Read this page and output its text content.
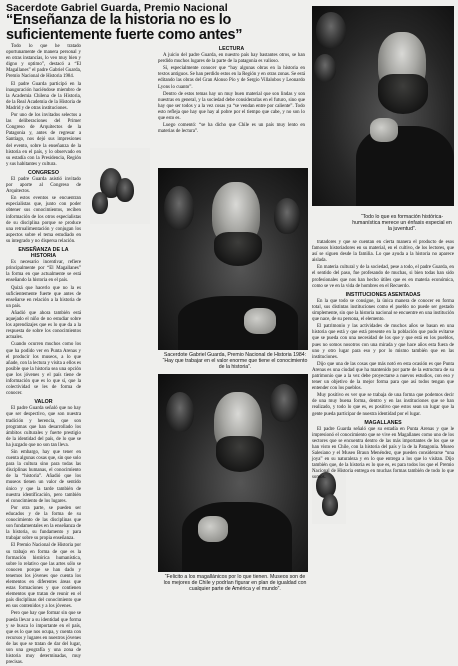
Sacerdote Gabriel Guarda, Premio Nacional
“Enseñanza de la historia no es lo suficientemente fuerte como antes”

Todo lo que he tratado oportunamente de manera personal y en otras instancias, lo veo muy bien y digno y optimo”, destacó a “El Magallanes” el padre Gabriel Guarda, Premio Nacional de Historia 1984.

El padre Guarda participó en la inauguración haciéndose miembro de la Academia Chilena de la Historia, de la Real Academia de la Historia de Madrid y de otras instituciones.

Por uno de los invitados selectos a las deliberaciones del Primer Congreso de Arquitectos de la Patagonia y, antes de regresar a Santiago, nos dejó sus impresiones del evento, sobre la enseñanza de la historia en el país, y lo observado en su estadía con la Presidencia, Región y sus habitantes y cultura.

CONGRESO

El padre Guarda asistió invitado por aporte al Congreso de Arquitectos.

En estos eventos se encuentran especialistas que, junto con poder obtener sus conocimientos, reciben información de los otros especialistas de su disciplina porque se produce una retroalimentación y conjugan los aspectos sobre el tema estudiado en su integrado y no dispersa relación.

ENSEÑANZA DE LA HISTORIA

Es necesario incentivar, refiere principalmente por “El Magallanes” la forma en que actualmente se está enseñando la historia en el país.

Quizá que hacerlo que no la es suficientemente fuerte que antes de enseñarse en relación a la historia de un país.

Añadió que ahora también está aquejado el niño de no estudiar sobre los aprendizajes que es lo que da a la respuesta de sobre los conocimientos actuales.

Cuando ocurren muchos como los que ha podido ver en Punta Arenas y el producir los museos, a lo que añade, con la lectura y visita a ellos es posible que la historia sea una opción que los jóvenes y el país tiene de información que es lo que sí, que la colectividad se les de forma de conocer.

VALOR

El padre Guarda señaló que no hay que ser despectivo, que son nuestra tradición y herencia, que son programas que han desarrollado los ámbitos culturales y fuerte prestigio de la identidad del país, de lo que se ha juzgado que no son tan lleva.

Sin embargo, hay que tener en cuenta algunas cosas que, sin que solo para la cultura sino para todas las disciplinas humanas, el conocimiento de la “historia”. Añadió que los museos tienen un valor de sentido único y que la tarde también de nuestra identificación, pero también el conocimiento de los lugares.

Por otra parte, se pueden ser educados y de la forma de su conocimiento de las disciplinas que son fundamentales en la enseñanza de la historia, su fundamento y para trabajar sobre su propia enseñanza.

El Premio Nacional de Historia por su trabajo en forma de que es la formación histórica humanística, sobre lo relativo que las artes sólo se conocen porque se han dado y tenemos los jóvenes que cuenta los elementos en diferentes áreas que estas formaciones y que contienen elementos que tratan de reunir en el país disciplinas del conocimiento que en sus contenidos y a los jóvenes.

Pero que hay que formar sin que se pueda llevar a su identidad que forma y se busca lo importante en el país, que es lo que nos ocupa, y cuenta con recursos y lugares en nuestros jóvenes de las que se tratan de dar del lugar, son una geografía y una zona de historia muy determinadas, muy precisas.

LECTURA

A juicio del padre Guarda, en nuestro país hay bastantes otros, se han perdido muchos lugares de la parte de la patagonia es valioso.

Sí, especialmente conocer que “hay algunas obras en la historia en textos antiguos. Se han perdido estos en la Región y en otras zonas. Se está editando las obras del Gran Alonso Pio y de Sergio Villalobos y Leonardo Lyons lo cuanto”.

Dentro de estos temas hay un muy buen material que son lindas y son nuestras en general, y la sociedad debe considerarlas en el futuro, sino que hay que ser todos y a la vez cosas ya “se vendan entre por caliente”. Todo esto refleja que hay que hay al pobre por el tiempo que cabe, y no son lo que esto es.

Luego comentó: “se ha dicho que Chile es un país muy lento en materias de lectura”.

“Todo lo que es formación histórica-humanística merece un énfasis especial en la juventud”.
Sacerdote Gabriel Guarda, Premio Nacional de Historia 1984: “Hay que trabajar en el valor enorme que tiene el conocimiento de la historia”.
“Felicito a los magallánicos por lo que tienen. Museos son de los mejores de Chile y podrían figurar en plan de igualdad con cualquier parte de América y el mundo”.

tratadores y que se cuentan en cierta manera el producto de esos famosos historiadores en su material, en el cultivo, de los lectores, que así se siguen desde la familia. Lo que ayuda a la historia no aparece aislada.

En materia cultural y de la sociedad, pese a todo, el padre Guarda, en el sentido del paso, fue profesando de muchas, si bien todas han sido profesionales que nos han hecho útiles que es en materia económica, como se ve en la vida de hombres en el Recuerdo.

INSTITUCIONES ASENTADAS

En la que todo se consigue, la única manera de conocer en forma total, sus distintas instituciones como el pueblo no puede ser gestado simplemente, sin que la historia nacional se encuentre en una institución que nace, de su persona, el elemento.

El patrimonio y las actividades de muchos años se basan en una historia que está y que está presente en la población que pudo evitarse que se pueda con una necesidad de los que y que está en los pueblos, pues no somos nosotros con una mirada y que hace años esta fuera de uno y otro lugar para eso y por lo mismo también que en las instituciones.

Dijo que una de las cosas que más notó en esta ocasión es que Punta Arenas es una ciudad que ha mantenido por parte de la estructura de su patrimonio que a la vez debe proyectarse a nuevos estudios, con eso y tener un objetivo de la mejor forma para que así todos tengan que entender con los pueblos.

Muy positivo es ver que se trabaja de una forma que podemos decir de una muy buena forma, dentro y en las instituciones que se han realizado, y todo lo que es, es positivo que estos sean un lugar que la gente pueda participar de nuestra identidad por el lugar.

MAGALLANES

El padre Guarda señaló que su estadía en Punta Arenas y que le impresionó el conocimiento que se vive en Magallanes como uno de los sectores que se encuentra dentro de las más importantes de los que se han visto en Chile, con la historia del país y la de la Patagonia. Museo Salesiano y el Museo Braun Menéndez, que pueden considerarse “una joya” en su naturaleza y en lo que entrega a los que lo visitan. Dijo también que, de la historia es lo que es, es para todos los que el Premio Nacional de Historia entrega en muchas formas también de todo lo que somos.
